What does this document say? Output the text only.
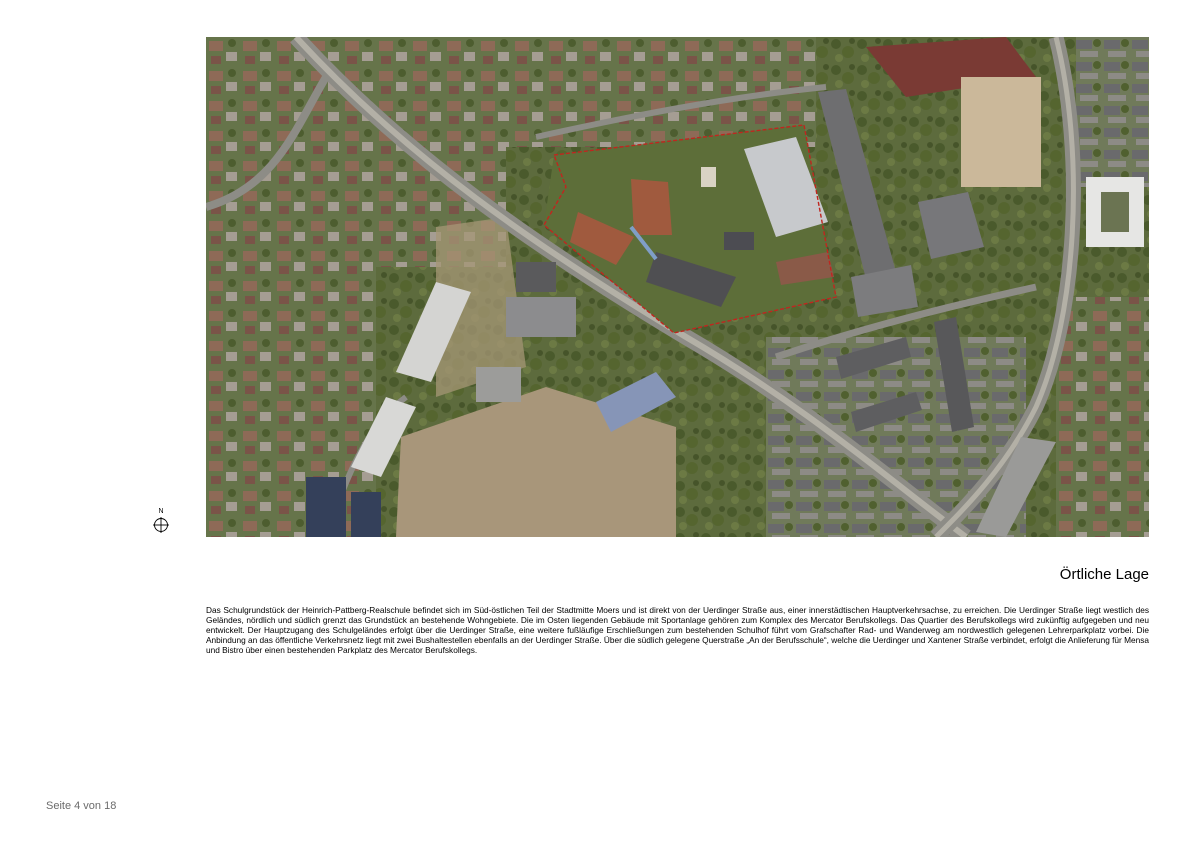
N
Örtliche Lage

Das Schulgrundstück der Heinrich-Pattberg-Realschule befindet sich im Süd-östlichen Teil der Stadtmitte Moers und ist direkt von der Uerdinger Straße aus, einer innerstädtischen Hauptverkehrsachse, zu erreichen. Die Uerdinger Straße liegt westlich des Geländes, nördlich und südlich grenzt das Grundstück an bestehende Wohngebiete. Die im Osten liegenden Gebäude mit Sportanlage gehören zum Komplex des Mercator Berufskollegs. Das Quartier des Berufskollegs wird zukünftig aufgegeben und neu entwickelt. Der Hauptzugang des Schulgeländes erfolgt über die Uerdinger Straße, eine weitere fußläufige Erschließungen zum bestehenden Schulhof führt vom Grafschafter Rad- und Wanderweg am nordwestlich gelegenen Lehrerparkplatz vorbei. Die Anbindung an das öffentliche Verkehrsnetz liegt mit zwei Bushaltestellen ebenfalls an der Uerdinger Straße. Über die südlich gelegene Querstraße „An der Berufsschule“, welche die Uerdinger und Xantener Straße verbindet, erfolgt die Anlieferung für Mensa und Bistro über einen bestehenden Parkplatz des Mercator Berufskollegs.

Seite 4 von 18
